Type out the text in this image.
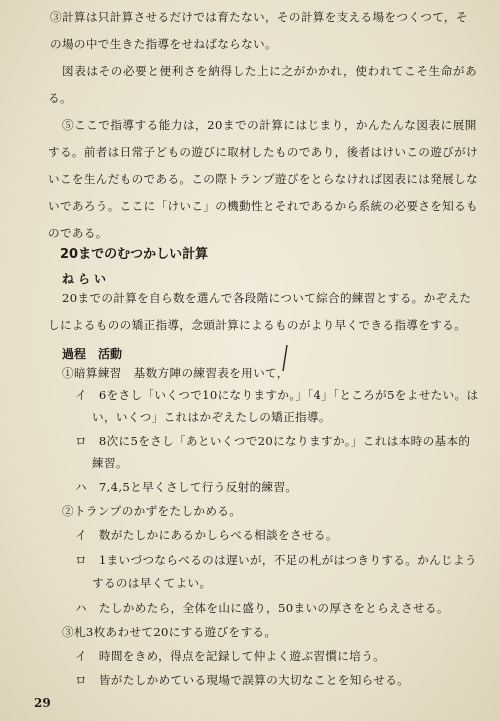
③計算は只計算させるだけでは育たない，その計算を支える場をつくつて，そ
の場の中で生きた指導をせねばならない。
図表はその必要と便利さを納得した上に之がかかれ，使われてこそ生命があ
る。
⑤ここで指導する能力は，20までの計算にはじまり，かんたんな図表に展開
する。前者は日常子どもの遊びに取材したものであり，後者はけいこの遊びがけ
いこを生んだものである。この際トランプ遊びをとらなければ図表には発展しな
いであろう。ここに「けいこ」の機動性とそれであるから系統の必要さを知るも
のである。
20までのむつかしい計算
ねらい
20までの計算を自ら数を選んで各段階について綜合的練習とする。かぞえた
しによるものの矯正指導，念頭計算によるものがより早くできる指導をする。
過程　活動
①暗算練習　基数方陣の練習表を用いて，
イ　6をさし「いくつで10になりますか。」「4」「ところが5をよせたい。は
い，いくつ」これはかぞえたしの矯正指導。
ロ　8次に5をさし「あといくつで20になりますか。」これは本時の基本的
練習。
ハ　7,4,5と早くさして行う反射的練習。
②トランプのかずをたしかめる。
イ　数がたしかにあるかしらべる相談をさせる。
ロ　1まいづつならべるのは遅いが，不足の札がはつきりする。かんじよう
するのは早くてよい。
ハ　たしかめたら，全体を山に盛り，50まいの厚さをとらえさせる。
③札3枚あわせて20にする遊びをする。
イ　時間をきめ，得点を記録して仲よく遊ぶ習慣に培う。
ロ　皆がたしかめている現場で誤算の大切なことを知らせる。
29
